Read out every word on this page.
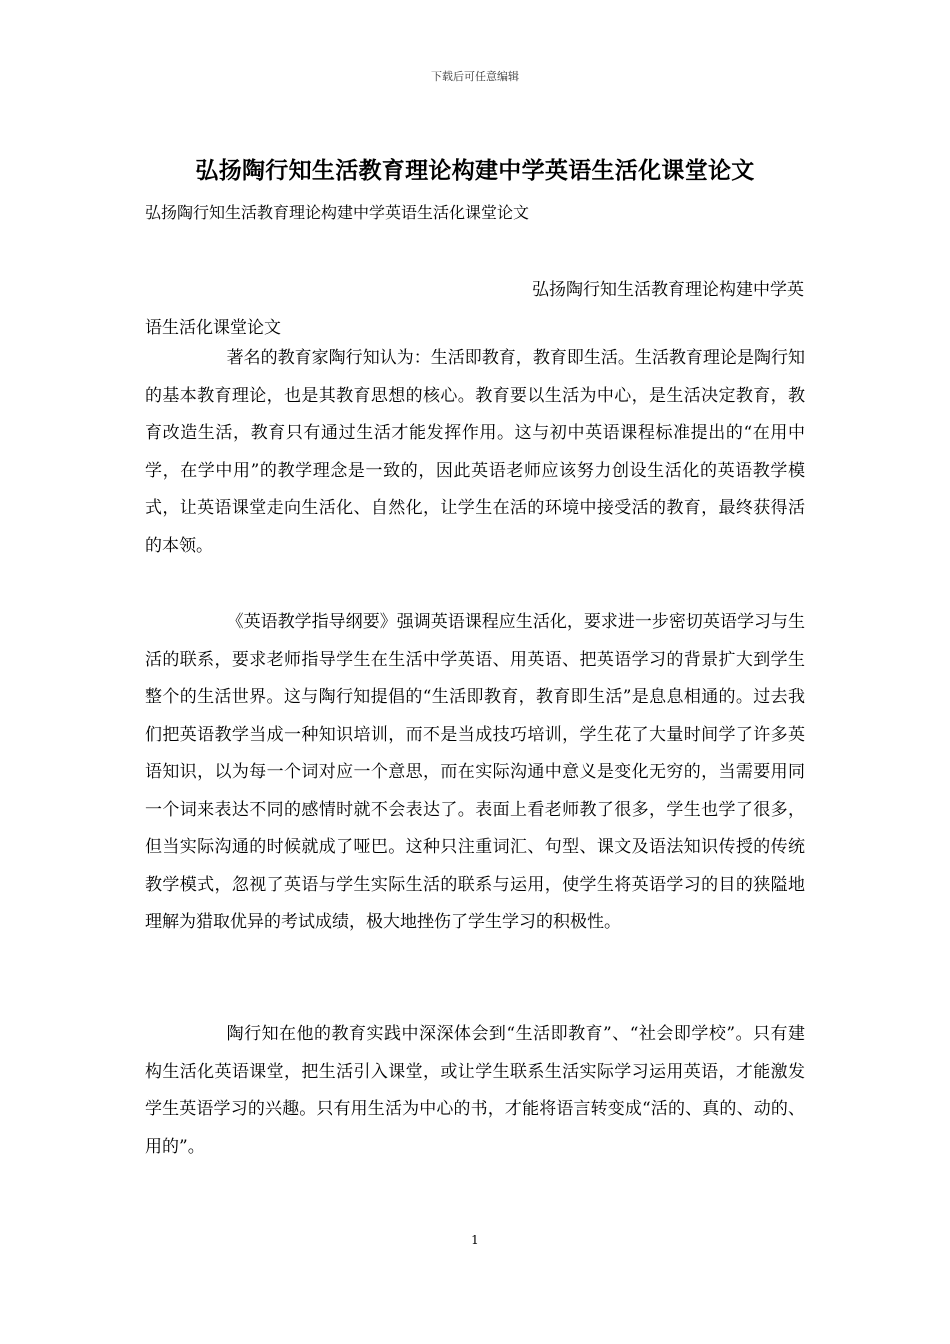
下载后可任意编辑
弘扬陶行知生活教育理论构建中学英语生活化课堂论文
弘扬陶行知生活教育理论构建中学英语生活化课堂论文
弘扬陶行知生活教育理论构建中学英
语生活化课堂论文

著名的教育家陶行知认为：生活即教育，教育即生活。生活教育理论是陶行知的基本教育理论，也是其教育思想的核心。教育要以生活为中心，是生活决定教育，教育改造生活，教育只有通过生活才能发挥作用。这与初中英语课程标准提出的“在用中学，在学中用”的教学理念是一致的，因此英语老师应该努力创设生活化的英语教学模式，让英语课堂走向生活化、自然化，让学生在活的环境中接受活的教育，最终获得活的本领。

《英语教学指导纲要》强调英语课程应生活化，要求进一步密切英语学习与生活的联系，要求老师指导学生在生活中学英语、用英语、把英语学习的背景扩大到学生整个的生活世界。这与陶行知提倡的“生活即教育，教育即生活”是息息相通的。过去我们把英语教学当成一种知识培训，而不是当成技巧培训，学生花了大量时间学了许多英语知识，以为每一个词对应一个意思，而在实际沟通中意义是变化无穷的，当需要用同一个词来表达不同的感情时就不会表达了。表面上看老师教了很多，学生也学了很多，但当实际沟通的时候就成了哑巴。这种只注重词汇、句型、课文及语法知识传授的传统教学模式，忽视了英语与学生实际生活的联系与运用，使学生将英语学习的目的狭隘地理解为猎取优异的考试成绩，极大地挫伤了学生学习的积极性。

陶行知在他的教育实践中深深体会到“生活即教育”、“社会即学校”。只有建构生活化英语课堂，把生活引入课堂，或让学生联系生活实际学习运用英语，才能激发学生英语学习的兴趣。只有用生活为中心的书，才能将语言转变成“活的、真的、动的、用的”。

1
